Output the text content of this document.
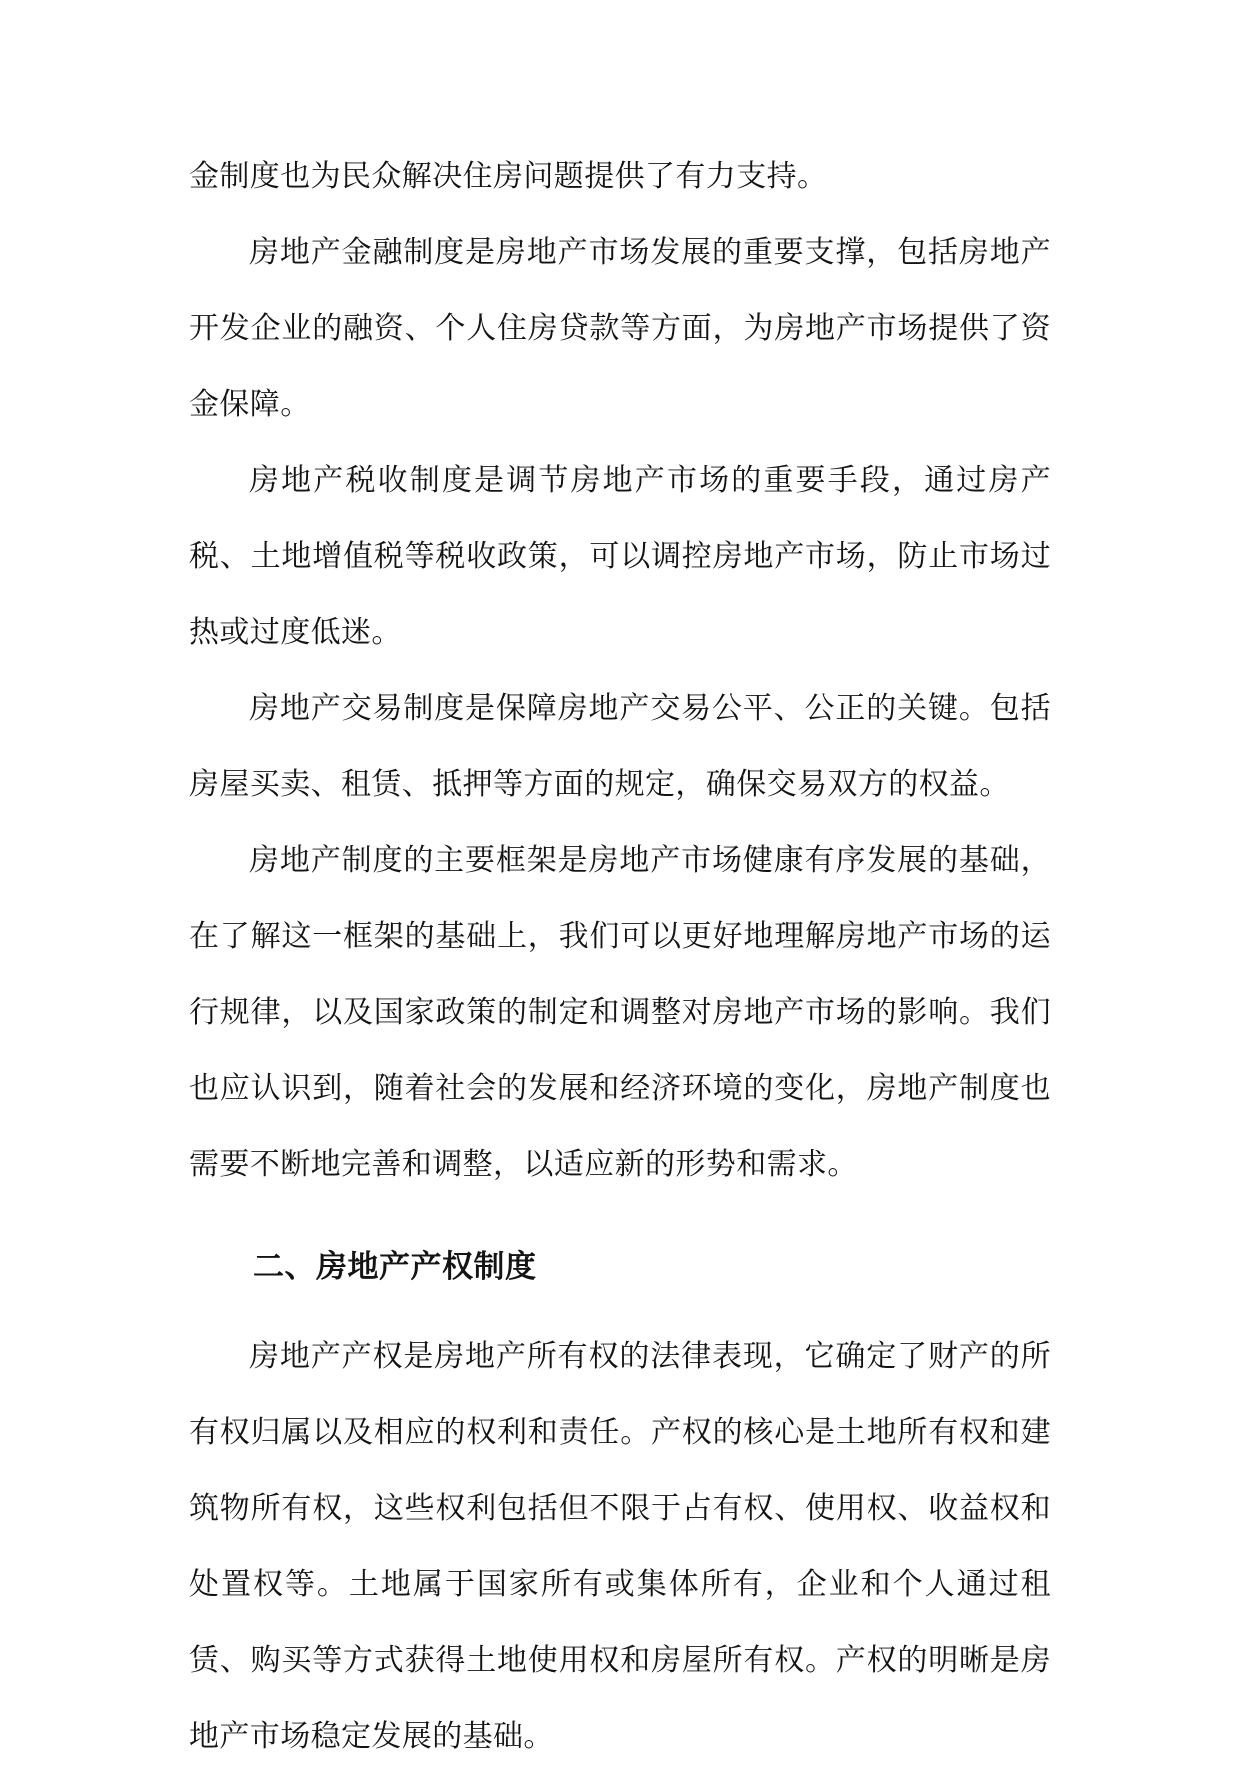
金制度也为民众解决住房问题提供了有力支持。

房地产金融制度是房地产市场发展的重要支撑，包括房地产开发企业的融资、个人住房贷款等方面，为房地产市场提供了资金保障。

房地产税收制度是调节房地产市场的重要手段，通过房产税、土地增值税等税收政策，可以调控房地产市场，防止市场过热或过度低迷。

房地产交易制度是保障房地产交易公平、公正的关键。包括房屋买卖、租赁、抵押等方面的规定，确保交易双方的权益。

房地产制度的主要框架是房地产市场健康有序发展的基础，在了解这一框架的基础上，我们可以更好地理解房地产市场的运行规律，以及国家政策的制定和调整对房地产市场的影响。我们也应认识到，随着社会的发展和经济环境的变化，房地产制度也需要不断地完善和调整，以适应新的形势和需求。

二、房地产产权制度

房地产产权是房地产所有权的法律表现，它确定了财产的所有权归属以及相应的权利和责任。产权的核心是土地所有权和建筑物所有权，这些权利包括但不限于占有权、使用权、收益权和处置权等。土地属于国家所有或集体所有，企业和个人通过租赁、购买等方式获得土地使用权和房屋所有权。产权的明晰是房地产市场稳定发展的基础。
